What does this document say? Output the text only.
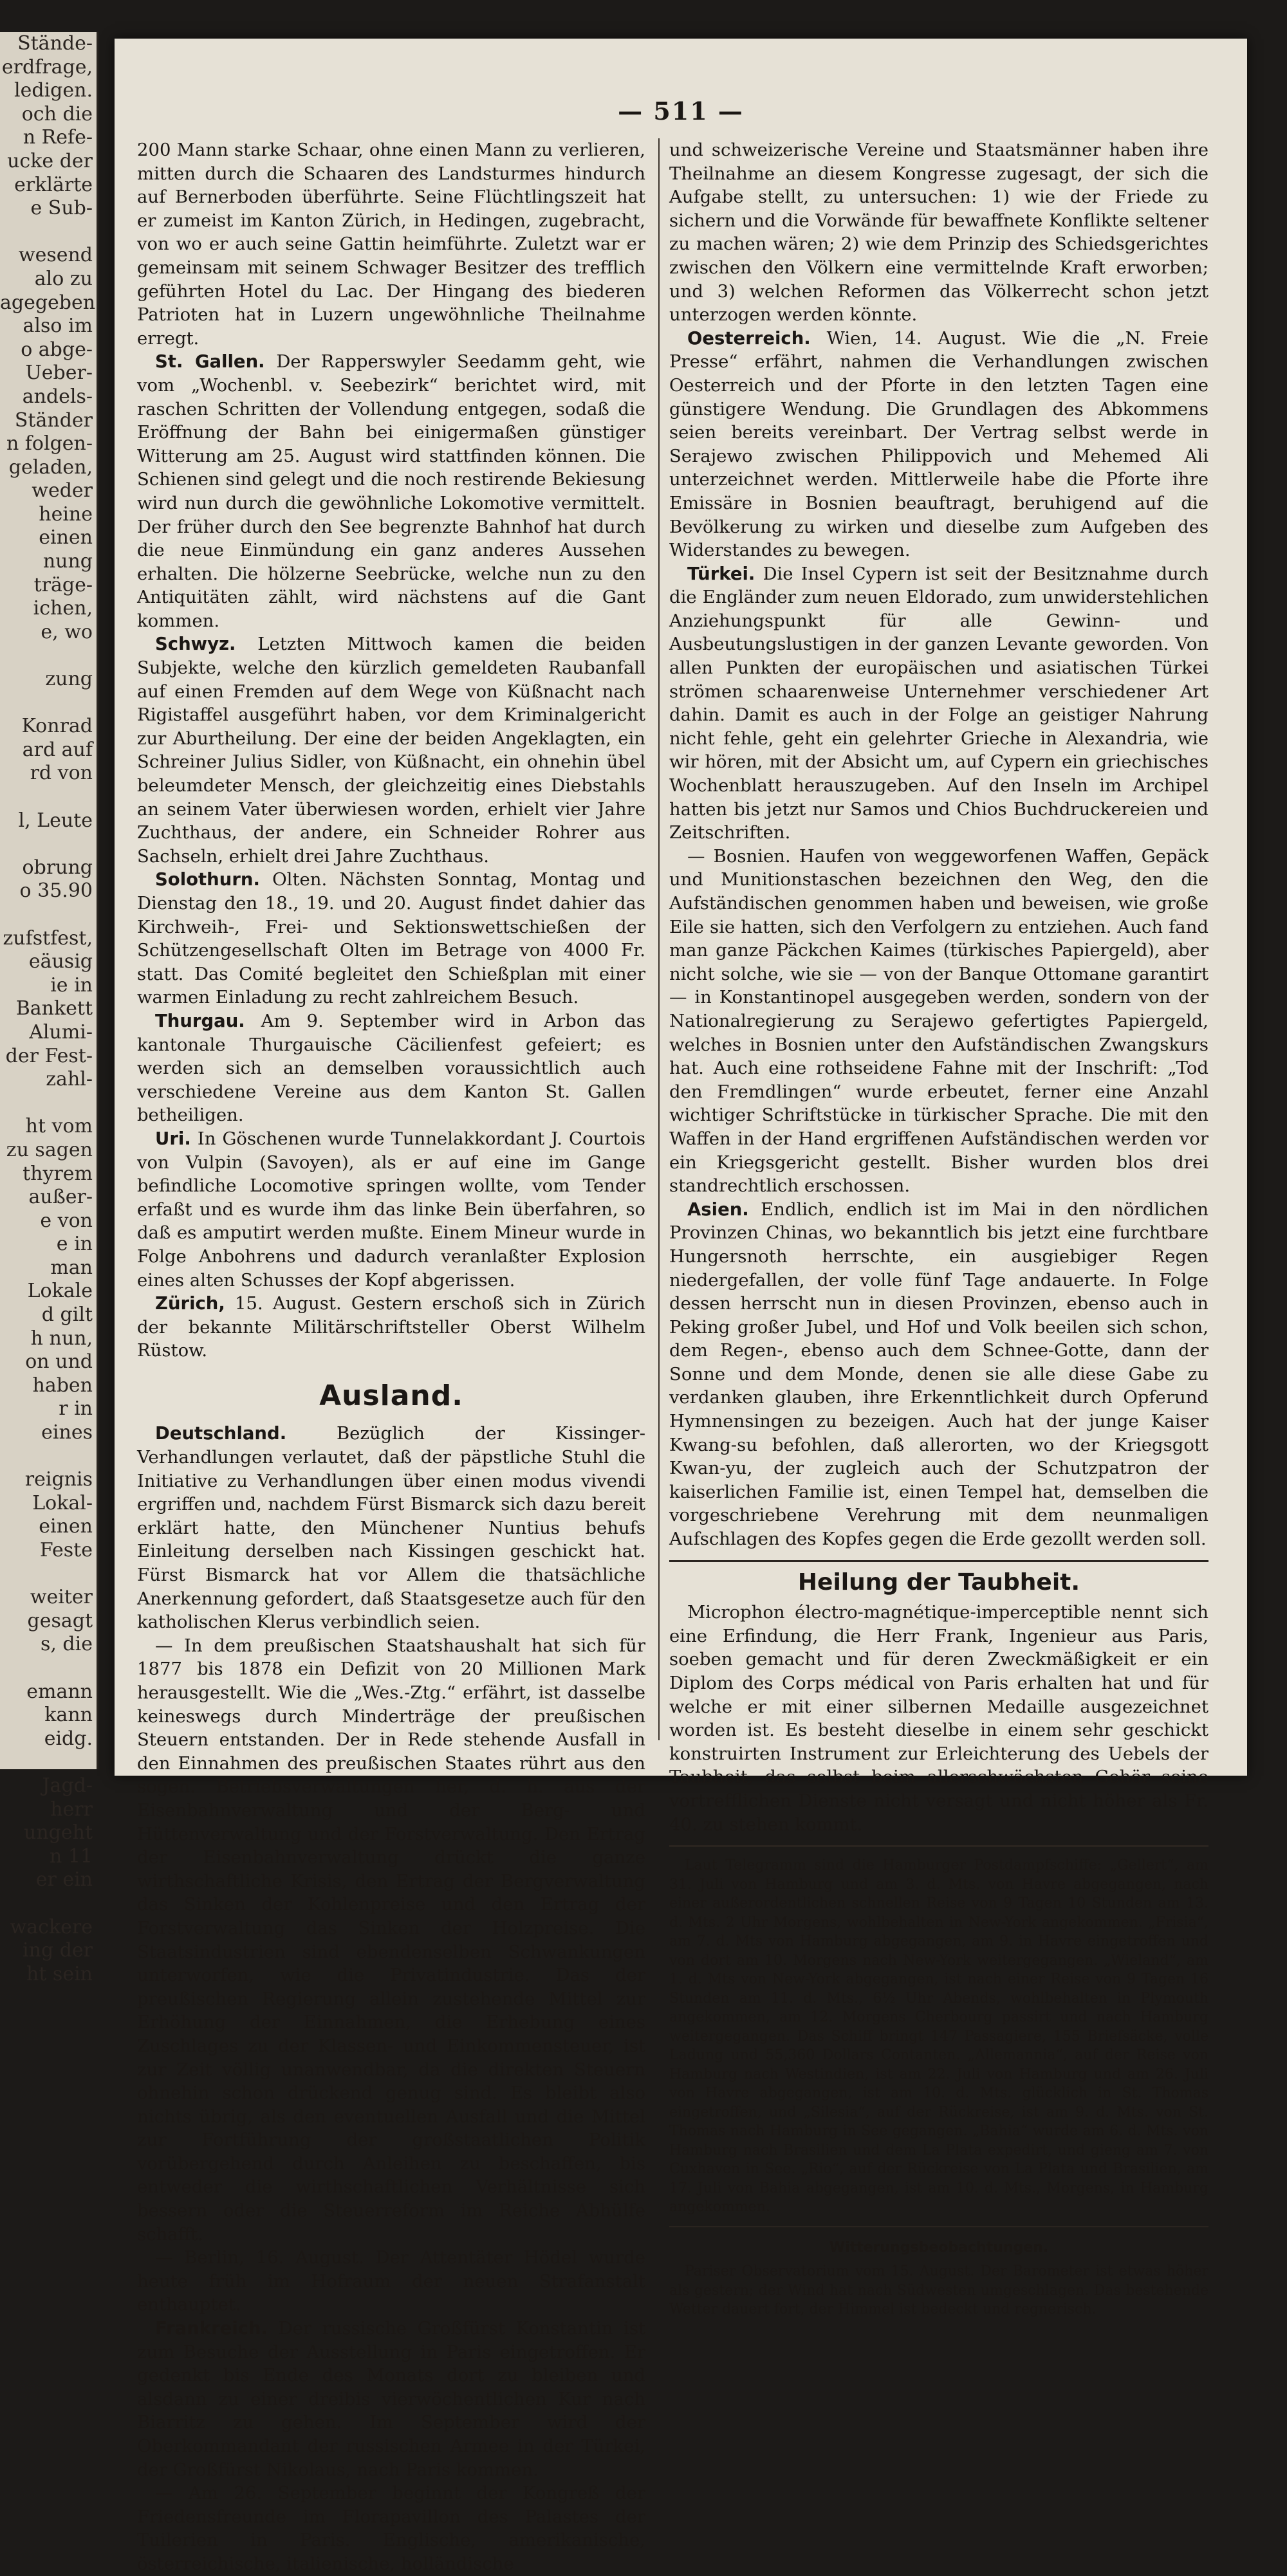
Stände-
erdfrage,
ledigen.
och die
n Refe-
ucke der
erklärte
e Sub-

wesend
alo zu
agegeben
also im
o abge-
Ueber-
andels-
Ständer
n folgen-
geladen,
weder
heine
einen
nung
träge-
ichen,
e, wo

zung

Konrad
ard auf
rd von

l, Leute

obrung
o 35.90

zufstfest,
eäusig
ie in
Bankett
Alumi-
der Fest-
zahl-

ht vom
zu sagen
thyrem
außer-
e von
e in
man
Lokale
d gilt
h nun,
on und
haben
r in
eines

reignis
Lokal-
einen
Feste

weiter
gesagt
s, die

emann
kann
eidg.

Jagd-
herr
ungeht
n 11
er ein

wackere
ing der
ht sein
— 511 —

200 Mann starke Schaar, ohne einen Mann zu verlieren, mitten durch die Schaaren des Landsturmes hindurch auf Bernerboden überführte. Seine Flüchtlingszeit hat er zumeist im Kanton Zürich, in Hedingen, zugebracht, von wo er auch seine Gattin heimführte. Zuletzt war er gemeinsam mit seinem Schwager Besitzer des trefflich geführten Hotel du Lac. Der Hingang des biederen Patrioten hat in Luzern ungewöhnliche Theilnahme erregt.

St. Gallen. Der Rapperswyler Seedamm geht, wie vom „Wochenbl. v. Seebezirk“ berichtet wird, mit raschen Schritten der Vollendung entgegen, sodaß die Eröffnung der Bahn bei einigermaßen günstiger Witterung am 25. August wird stattfinden können. Die Schienen sind gelegt und die noch restirende Bekiesung wird nun durch die gewöhnliche Lokomotive vermittelt. Der früher durch den See begrenzte Bahnhof hat durch die neue Einmündung ein ganz anderes Aussehen erhalten. Die hölzerne Seebrücke, welche nun zu den Antiquitäten zählt, wird nächstens auf die Gant kommen.

Schwyz. Letzten Mittwoch kamen die beiden Subjekte, welche den kürzlich gemeldeten Raubanfall auf einen Fremden auf dem Wege von Küßnacht nach Rigistaffel ausgeführt haben, vor dem Kriminalgericht zur Aburtheilung. Der eine der beiden Angeklagten, ein Schreiner Julius Sidler, von Küßnacht, ein ohnehin übel beleumdeter Mensch, der gleichzeitig eines Diebstahls an seinem Vater überwiesen worden, erhielt vier Jahre Zuchthaus, der andere, ein Schneider Rohrer aus Sachseln, erhielt drei Jahre Zuchthaus.

Solothurn. Olten. Nächsten Sonntag, Montag und Dienstag den 18., 19. und 20. August findet dahier das Kirchweih-, Frei- und Sektionswettschießen der Schützengesellschaft Olten im Betrage von 4000 Fr. statt. Das Comité begleitet den Schießplan mit einer warmen Einladung zu recht zahlreichem Besuch.

Thurgau. Am 9. September wird in Arbon das kantonale Thurgauische Cäcilienfest gefeiert; es werden sich an demselben voraussichtlich auch verschiedene Vereine aus dem Kanton St. Gallen betheiligen.

Uri. In Göschenen wurde Tunnelakkordant J. Courtois von Vulpin (Savoyen), als er auf eine im Gange befindliche Locomotive springen wollte, vom Tender erfaßt und es wurde ihm das linke Bein überfahren, so daß es amputirt werden mußte. Einem Mineur wurde in Folge Anbohrens und dadurch veranlaßter Explosion eines alten Schusses der Kopf abgerissen.

Zürich, 15. August. Gestern erschoß sich in Zürich der bekannte Militärschriftsteller Oberst Wilhelm Rüstow.

Ausland.

Deutschland.	Bezüglich der Kissinger-Verhandlungen verlautet, daß der päpstliche Stuhl die Initiative zu Verhandlungen über einen modus vivendi ergriffen und, nachdem Fürst Bismarck sich dazu bereit erklärt hatte, den Münchener Nuntius behufs Einleitung derselben nach Kissingen geschickt hat. Fürst Bismarck hat vor Allem die thatsächliche Anerkennung gefordert, daß Staatsgesetze auch für den katholischen Klerus verbindlich seien.

— In dem preußischen Staatshaushalt hat sich für 1877 bis 1878 ein Defizit von 20 Millionen Mark herausgestellt. Wie die „Wes.-Ztg.“ erfährt, ist dasselbe keineswegs durch Minderträge der preußischen Steuern entstanden. Der in Rede stehende Ausfall in den Einnahmen des preußischen Staates rührt aus den sogen. Betriebsverwaltungen her, d. h. aus der Eisenbahnverwaltung und der Berg- und Hüttenverwaltung und der Forstverwaltung. Den Ertrag der Eisenbahnverwaltung drückt die ganze wirthschaftliche Krisis, den Ertrag der Bergverwaltung das Sinken der Kohlenpreise und den Ertrag der Forstverwaltung das Sinken der Holzpreise. Die Staatsindustrien sind ebendenselben Schwankungen unterworfen, wie die Privatindustrie. Das der preußischen Regierung allein zustehende Mittel zur Erhöhung der Einnahmen, die Erhebung eines Zuschlages zu der Klassen- und Einkommensteuer, ist zur Zeit völlig unanwendbar, da die direkten Steuern ohnehin schon drückend genug sind. Es bleibt also nichts übrig, als den eventuellen Ausfall und die Mittel zur Fortführung der großstaatlichen Politik vorübergehend durch Anleihen zu beschaffen, bis entweder die wirthschaftlichen Verhältnisse sich bessern oder die Steuerreform im Reiche Abhülfe schafft.

— Berlin, 16. August. Der Attentäter Hödel wurde heute früh im Hofraum der neuen Strafanstalt enthauptet.

Frankreich. Der russische Großfürst Konstantin ist zum Besuche der Ausstellung in Paris eingetroffen. Er gedenkt bis Ende des Monats dort zu bleiben und alsdann zu einer dreibis vierwöchentlichen Kur nach Biarritz zu gehen. Im September wird der Oberkommandant der russischen Armee in der Türkei, der Großfürst Nikolaus, nach Paris kommen.

— Am 26. September beginnt der Kongreß der Friedensfreunde im Florapavillon des Palastes der Tuilerien in Paris. Englische, amerikanische, österreichische, italienische, holländische

und schweizerische Vereine und Staatsmänner haben ihre Theilnahme an diesem Kongresse zugesagt, der sich die Aufgabe stellt, zu untersuchen: 1) wie der Friede zu sichern und die Vorwände für bewaffnete Konflikte seltener zu machen wären; 2) wie dem Prinzip des Schiedsgerichtes zwischen den Völkern eine vermittelnde Kraft erworben; und 3) welchen Reformen das Völkerrecht schon jetzt unterzogen werden könnte.

Oesterreich. Wien, 14. August. Wie die „N. Freie Presse“ erfährt, nahmen die Verhandlungen zwischen Oesterreich und der Pforte in den letzten Tagen eine günstigere Wendung. Die Grundlagen des Abkommens seien bereits vereinbart. Der Vertrag selbst werde in Serajewo zwischen Philippovich und Mehemed Ali unterzeichnet werden. Mittlerweile habe die Pforte ihre Emissäre in Bosnien beauftragt, beruhigend auf die Bevölkerung zu wirken und dieselbe zum Aufgeben des Widerstandes zu bewegen.

Türkei. Die Insel Cypern ist seit der Besitznahme durch die Engländer zum neuen Eldorado, zum unwiderstehlichen Anziehungspunkt für alle Gewinn- und Ausbeutungslustigen in der ganzen Levante geworden. Von allen Punkten der europäischen und asiatischen Türkei strömen schaarenweise Unternehmer verschiedener Art dahin. Damit es auch in der Folge an geistiger Nahrung nicht fehle, geht ein gelehrter Grieche in Alexandria, wie wir hören, mit der Absicht um, auf Cypern ein griechisches Wochenblatt herauszugeben. Auf den Inseln im Archipel hatten bis jetzt nur Samos und Chios Buchdruckereien und Zeitschriften.

— Bosnien. Haufen von weggeworfenen Waffen, Gepäck und Munitionstaschen bezeichnen den Weg, den die Aufständischen genommen haben und beweisen, wie große Eile sie hatten, sich den Verfolgern zu entziehen. Auch fand man ganze Päckchen Kaimes (türkisches Papiergeld), aber nicht solche, wie sie — von der Banque Ottomane garantirt — in Konstantinopel ausgegeben werden, sondern von der Nationalregierung zu Serajewo gefertigtes Papiergeld, welches in Bosnien unter den Aufständischen Zwangskurs hat. Auch eine rothseidene Fahne mit der Inschrift: „Tod den Fremdlingen“ wurde erbeutet, ferner eine Anzahl wichtiger Schriftstücke in türkischer Sprache. Die mit den Waffen in der Hand ergriffenen Aufständischen werden vor ein Kriegsgericht gestellt. Bisher wurden blos drei standrechtlich erschossen.

Asien. Endlich, endlich ist im Mai in den nördlichen Provinzen Chinas, wo bekanntlich bis jetzt eine furchtbare Hungersnoth herrschte, ein ausgiebiger Regen niedergefallen, der volle fünf Tage andauerte. In Folge dessen herrscht nun in diesen Provinzen, ebenso auch in Peking großer Jubel, und Hof und Volk beeilen sich schon, dem Regen-, ebenso auch dem Schnee-Gotte, dann der Sonne und dem Monde, denen sie alle diese Gabe zu verdanken glauben, ihre Erkenntlichkeit durch Opferund Hymnensingen zu bezeigen. Auch hat der junge Kaiser Kwang-su befohlen, daß allerorten, wo der Kriegsgott Kwan-yu, der zugleich auch der Schutzpatron der kaiserlichen Familie ist, einen Tempel hat, demselben die vorgeschriebene Verehrung mit dem neunmaligen Aufschlagen des Kopfes gegen die Erde gezollt werden soll.

Heilung der Taubheit.

Microphon électro-magnétique-imperceptible nennt sich eine Erfindung, die Herr Frank, Ingenieur aus Paris, soeben gemacht und für deren Zweckmäßigkeit er ein Diplom des Corps médical von Paris erhalten hat und für welche er mit einer silbernen Medaille ausgezeichnet worden ist. Es besteht dieselbe in einem sehr geschickt konstruirten Instrument zur Erleichterung des Uebels der Taubheit, das selbst beim allerschwächsten Gehör seine vortrefflichen Dienste nicht versagt und nicht höher als Fr. 40. zu stehen kommt.

Laut Telegramm sind die Hamburger Postdampfschiffe: „Gellert“, am 31. Juli von Hamburg und am 3. d. Mts. von Havre abgegangen, nach einer außerordentlichen schnellen Reise von 9 Tagen 10 Stunden am 13. d. Mts. 2 Uhr Morgens, wohlbehalten in New-York angekommen. „Frisia“, am 7. d. Mts von Hamburg abgegangen, am 9. in Havre eingetroffen und von dort am 10. Morgens nach New-York weitergegangen. „Wieland“, am 1. d. Mts von New-York abgegangen, ist nach einer Reise von 9 Tagen 16 Stunden am 11. d. Mts., 6½ Uhr Abends, wohlbehalten in Plymouth angekommen, am 12. Morgens Cherbourg passirt und nach Hamburg weitergegangen. Das Schiff bringt 147 Passagiere, 155 Briefsäcke, volle Ladung und 55,360 Dollars Contanten. „Allemannia“, auf der Reise von Hamburg nach Westindien, ist am 22. Juli von Hamburg und am 26. Juli von Havre abgegangen, ist am 10. d. Mts. glücklich in St. Thomas eingetroffen, und „Silesia“, auf der Rückreise, ist am 9. d. Mts. von St. Thomas nach Hamburg in See gegangen. „Bahia“ wurde am 6. d. Mts. von Hamburg nach Brasilien und dem La Plata expedirt, und gieng am 7. von Cuxhaven in See. „Rio“, auf der Rückreise von La Plata und Brasilien, am 17. Juli von Bahia abgegangen, ist am 10. d. Mts., Morgens, in Hamburg angekommen.

Witterungsbeobachtungen.

Pariser Observatorium vom 15. August. Der Barometer ist etwas höher als gestern; der Wind hat nach Südwesten umgeschlagen. Das bestehende Wetter dauert fort, der Himmel ist bedeckt und regnerisch.
